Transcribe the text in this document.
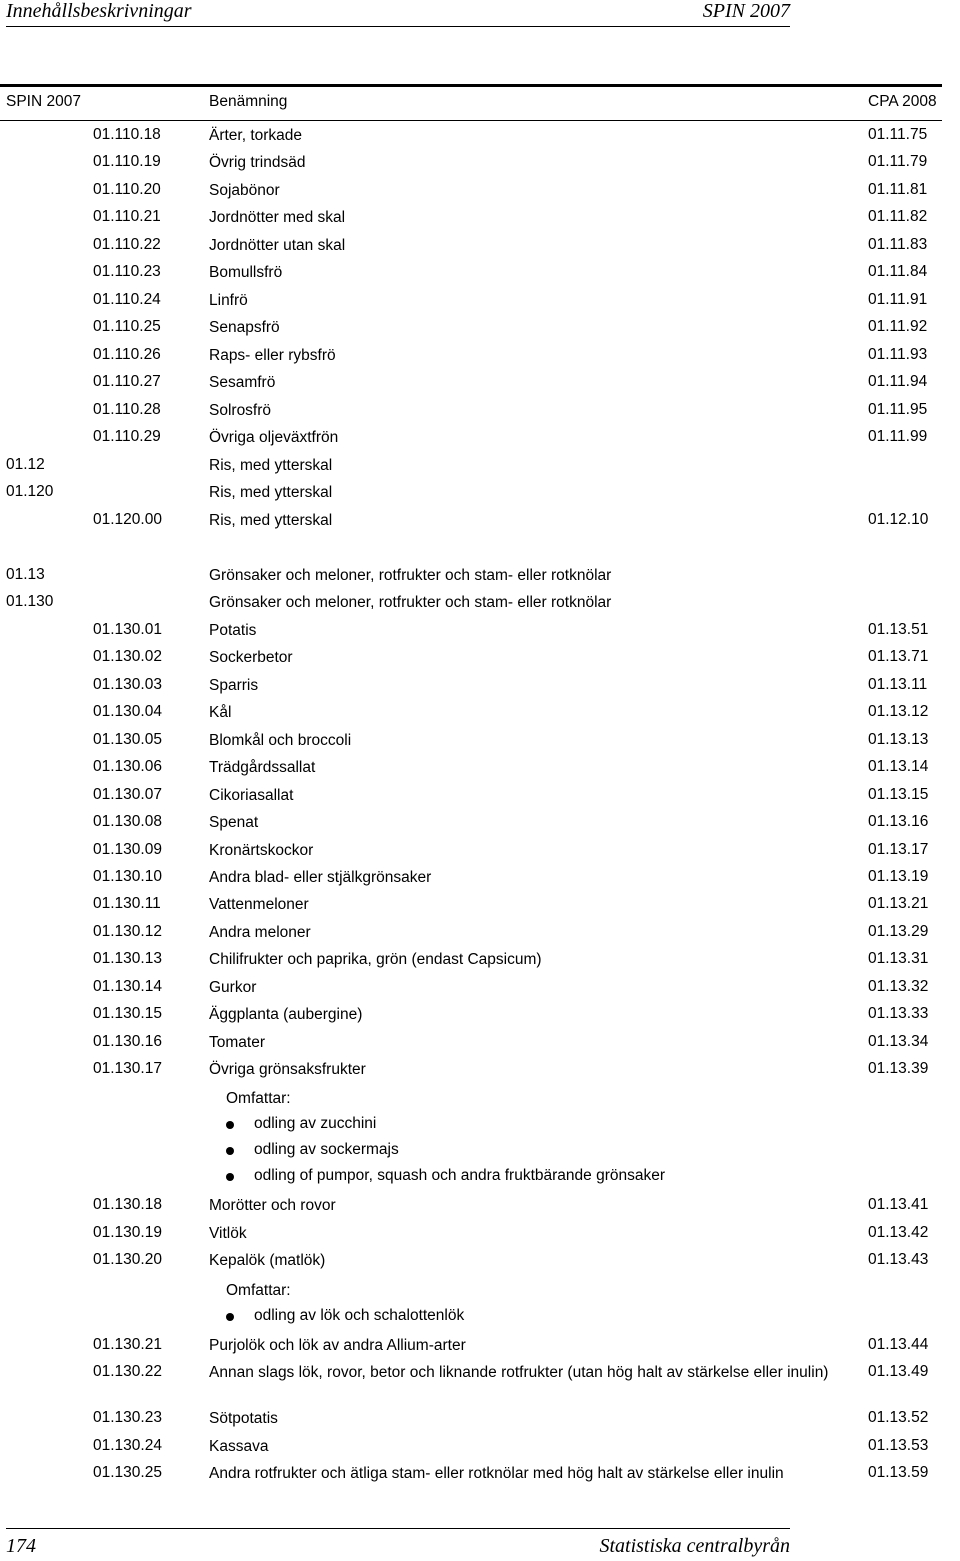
Innehållsbeskrivningar	SPIN 2007
SPIN 2007	Benämning	CPA 2008
01.110.18	Ärter, torkade	01.11.75
01.110.19	Övrig trindsäd	01.11.79
01.110.20	Sojabönor	01.11.81
01.110.21	Jordnötter med skal	01.11.82
01.110.22	Jordnötter utan skal	01.11.83
01.110.23	Bomullsfrö	01.11.84
01.110.24	Linfrö	01.11.91
01.110.25	Senapsfrö	01.11.92
01.110.26	Raps- eller rybsfrö	01.11.93
01.110.27	Sesamfrö	01.11.94
01.110.28	Solrosfrö	01.11.95
01.110.29	Övriga oljeväxtfrön	01.11.99
01.12	Ris, med ytterskal
01.120	Ris, med ytterskal
01.120.00	Ris, med ytterskal	01.12.10
01.13	Grönsaker och meloner, rotfrukter och stam- eller rotknölar
01.130	Grönsaker och meloner, rotfrukter och stam- eller rotknölar
01.130.01	Potatis	01.13.51
01.130.02	Sockerbetor	01.13.71
01.130.03	Sparris	01.13.11
01.130.04	Kål	01.13.12
01.130.05	Blomkål och broccoli	01.13.13
01.130.06	Trädgårdssallat	01.13.14
01.130.07	Cikoriasallat	01.13.15
01.130.08	Spenat	01.13.16
01.130.09	Kronärtskockor	01.13.17
01.130.10	Andra blad- eller stjälkgrönsaker	01.13.19
01.130.11	Vattenmeloner	01.13.21
01.130.12	Andra meloner	01.13.29
01.130.13	Chilifrukter och paprika, grön (endast Capsicum)	01.13.31
01.130.14	Gurkor	01.13.32
01.130.15	Äggplanta (aubergine)	01.13.33
01.130.16	Tomater	01.13.34
01.130.17	Övriga grönsaksfrukter	01.13.39
01.130.18	Morötter och rovor	01.13.41
01.130.19	Vitlök	01.13.42
01.130.20	Kepalök (matlök)	01.13.43
01.130.21	Purjolök och lök av andra Allium-arter	01.13.44
01.130.22	Annan slags lök, rovor, betor och liknande rotfrukter (utan hög halt av stärkelse eller inulin)	01.13.49
01.130.23	Sötpotatis	01.13.52
01.130.24	Kassava	01.13.53
01.130.25	Andra rotfrukter och ätliga stam- eller rotknölar med hög halt av stärkelse eller inulin	01.13.59
Omfattar:
odling av zucchini
odling av sockermajs
odling of pumpor, squash och andra fruktbärande grönsaker
Omfattar:
odling av lök och schalottenlök
174	Statistiska centralbyrån
